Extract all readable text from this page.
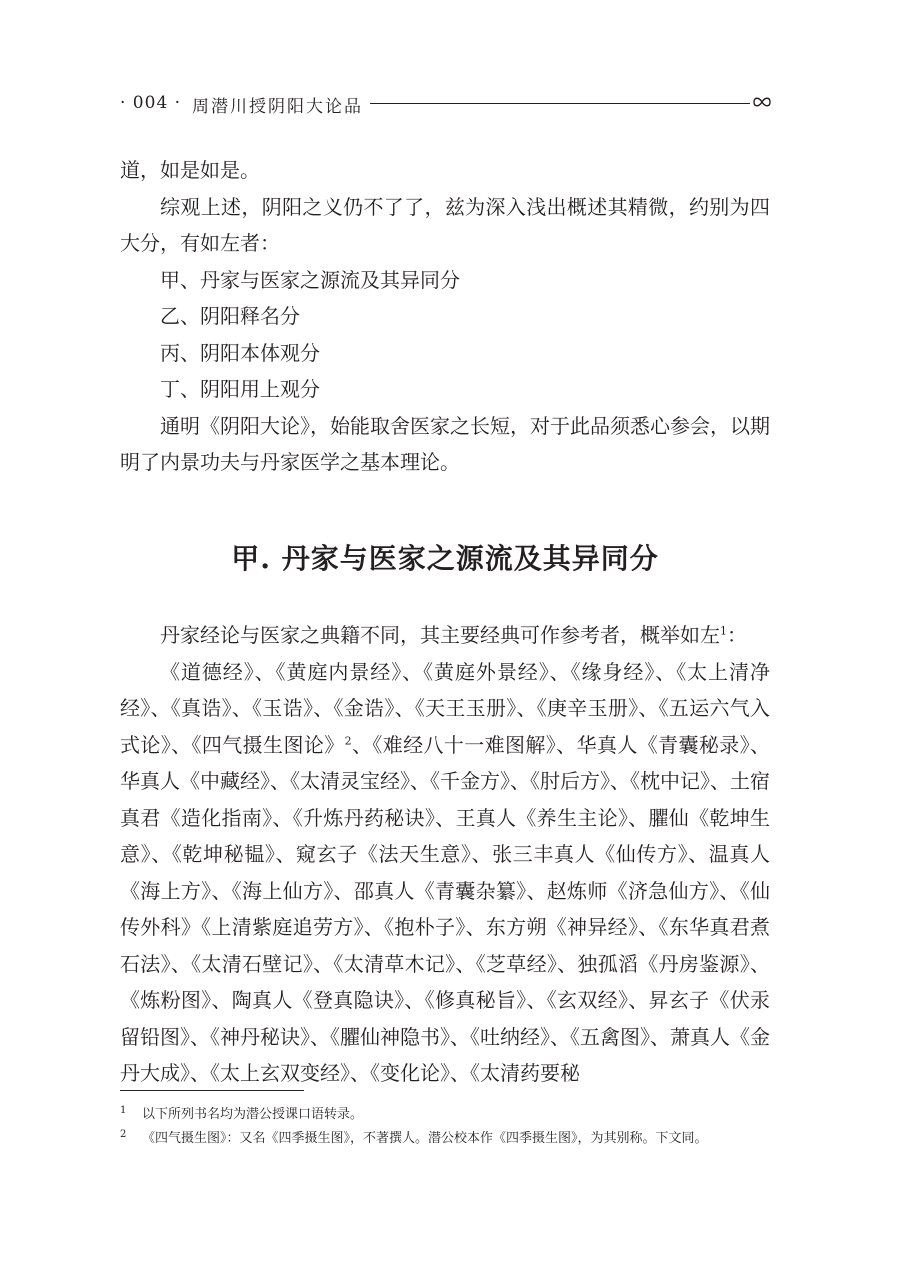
· 004 · 周潜川授阴阳大论品

道，如是如是。

综观上述，阴阳之义仍不了了，兹为深入浅出概述其精微，约别为四大分，有如左者：

甲、丹家与医家之源流及其异同分

乙、阴阳释名分

丙、阴阳本体观分

丁、阴阳用上观分

通明《阴阳大论》，始能取舍医家之长短，对于此品须悉心参会，以期明了内景功夫与丹家医学之基本理论。

甲. 丹家与医家之源流及其异同分

丹家经论与医家之典籍不同，其主要经典可作参考者，概举如左$^1$：

《道德经》、《黄庭内景经》、《黄庭外景经》、《缘身经》、《太上清净经》、《真诰》、《玉诰》、《金诰》、《天王玉册》、《庚辛玉册》、《五运六气入式论》、《四气摄生图论》$^2$、《难经八十一难图解》、华真人《青囊秘录》、华真人《中藏经》、《太清灵宝经》、《千金方》、《肘后方》、《枕中记》、土宿真君《造化指南》、《升炼丹药秘诀》、王真人《养生主论》、臞仙《乾坤生意》、《乾坤秘韫》、窥玄子《法天生意》、张三丰真人《仙传方》、温真人《海上方》、《海上仙方》、邵真人《青囊杂纂》、赵炼师《济急仙方》、《仙传外科》《上清紫庭追劳方》、《抱朴子》、东方朔《神异经》、《东华真君煮石法》、《太清石壁记》、《太清草木记》、《芝草经》、独孤滔《丹房鉴源》、《炼粉图》、陶真人《登真隐诀》、《修真秘旨》、《玄双经》、昇玄子《伏汞留铅图》、《神丹秘诀》、《臞仙神隐书》、《吐纳经》、《五禽图》、萧真人《金丹大成》、《太上玄双变经》、《变化论》、《太清药要秘

1 以下所列书名均为潜公授课口语转录。
2 《四气摄生图》：又名《四季摄生图》，不著撰人。潜公校本作《四季摄生图》，为其别称。下文同。
